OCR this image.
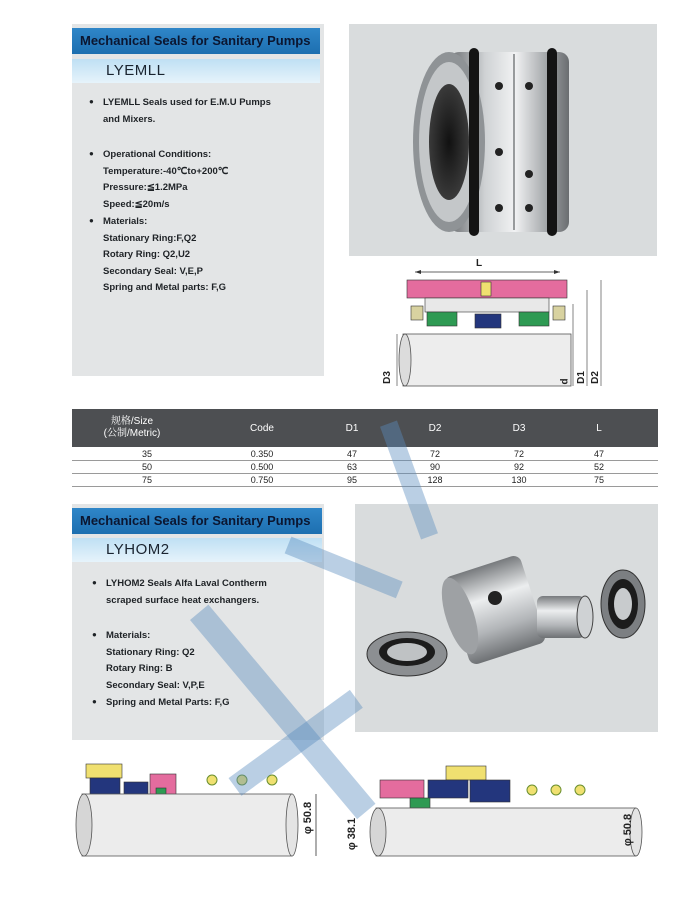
Mechanical Seals for Sanitary Pumps
LYEMLL
● LYEMLL Seals used for E.M.U Pumps
and Mixers.
● Operational Conditions:
Temperature:-40℃to+200℃
Pressure:≦1.2MPa
Speed:≦20m/s
● Materials:
Stationary Ring:F,Q2
Rotary Ring: Q2,U2
Secondary Seal: V,E,P
Spring and Metal parts: F,G
L
D3	d D1 D2
规格/Size
(公制/Metric)	Code	D1	D2	D3	L
35	0.350	47	72	72	47
50	0.500	63	90	92	52
75	0.750	95	128	130	75
Mechanical Seals for Sanitary Pumps
LYHOM2
● LYHOM2 Seals Alfa Laval Contherm
scraped surface heat exchangers.
● Materials:
Stationary Ring: Q2
Rotary Ring: B
Secondary Seal: V,P,E
● Spring and Metal Parts: F,G
φ 50.8	φ 38.1	φ 50.8
